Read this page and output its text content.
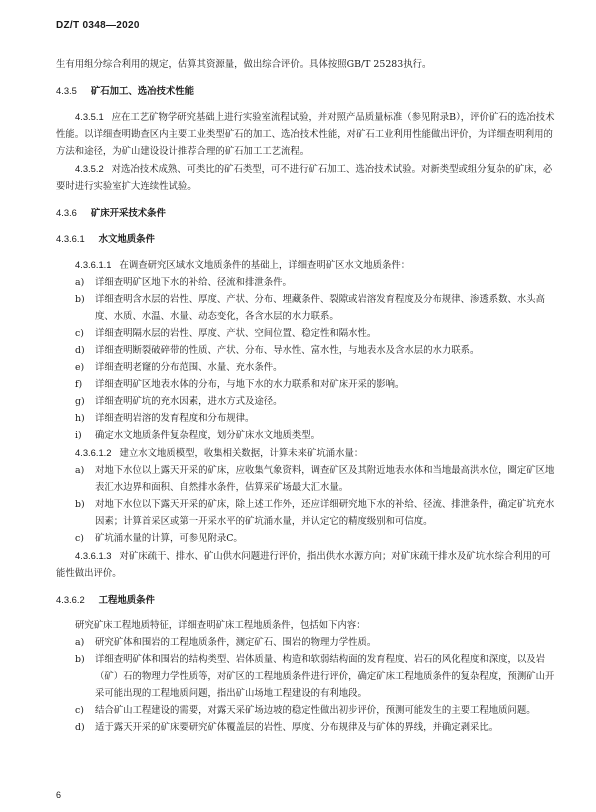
DZ/T 0348—2020

生有用组分综合利用的规定，估算其资源量，做出综合评价。具体按照GB/T 25283执行。

4.3.5 矿石加工、选冶技术性能

4.3.5.1 应在工艺矿物学研究基础上进行实验室流程试验，并对照产品质量标准（参见附录B），评价矿石的选冶技术性能。以详细查明勘查区内主要工业类型矿石的加工、选冶技术性能，对矿石工业利用性能做出评价，为详细查明利用的方法和途径，为矿山建设设计推荐合理的矿石加工工艺流程。

4.3.5.2 对选冶技术成熟、可类比的矿石类型，可不进行矿石加工、选冶技术试验。对新类型或组分复杂的矿床，必要时进行实验室扩大连续性试验。

4.3.6 矿床开采技术条件

4.3.6.1 水文地质条件

4.3.6.1.1 在调查研究区域水文地质条件的基础上，详细查明矿区水文地质条件：

a)	详细查明矿区地下水的补给、径流和排泄条件。
b)	详细查明含水层的岩性、厚度、产状、分布、埋藏条件、裂隙或岩溶发育程度及分布规律、渗透系数、水头高度、水质、水温、水量、动态变化，各含水层的水力联系。
c)	详细查明隔水层的岩性、厚度、产状、空间位置、稳定性和隔水性。
d)	详细查明断裂破碎带的性质、产状、分布、导水性、富水性，与地表水及含水层的水力联系。
e)	详细查明老窿的分布范围、水量、充水条件。
f)	详细查明矿区地表水体的分布，与地下水的水力联系和对矿床开采的影响。
g)	详细查明矿坑的充水因素，进水方式及途径。
h)	详细查明岩溶的发育程度和分布规律。
i)	确定水文地质条件复杂程度，划分矿床水文地质类型。

4.3.6.1.2 建立水文地质模型，收集相关数据，计算未来矿坑涌水量：

a)	对地下水位以上露天开采的矿床，应收集气象资料，调查矿区及其附近地表水体和当地最高洪水位，圈定矿区地表汇水边界和面积、自然排水条件，估算采矿场最大汇水量。
b)	对地下水位以下露天开采的矿床，除上述工作外，还应详细研究地下水的补给、径流、排泄条件，确定矿坑充水因素；计算首采区或第一开采水平的矿坑涌水量，并认定它的精度级别和可信度。
c)	矿坑涌水量的计算，可参见附录C。

4.3.6.1.3 对矿床疏干、排水、矿山供水问题进行评价，指出供水水源方向；对矿床疏干排水及矿坑水综合利用的可能性做出评价。

4.3.6.2 工程地质条件

研究矿床工程地质特征，详细查明矿床工程地质条件，包括如下内容：

a)	研究矿体和围岩的工程地质条件，测定矿石、围岩的物理力学性质。
b)	详细查明矿体和围岩的结构类型、岩体质量、构造和软弱结构面的发育程度、岩石的风化程度和深度，以及岩（矿）石的物理力学性质等，对矿区的工程地质条件进行评价，确定矿床工程地质条件的复杂程度，预测矿山开采可能出现的工程地质问题，指出矿山场地工程建设的有利地段。
c)	结合矿山工程建设的需要，对露天采矿场边坡的稳定性做出初步评价，预测可能发生的主要工程地质问题。
d)	适于露天开采的矿床要研究矿体覆盖层的岩性、厚度、分布规律及与矿体的界线，并确定剥采比。
6
